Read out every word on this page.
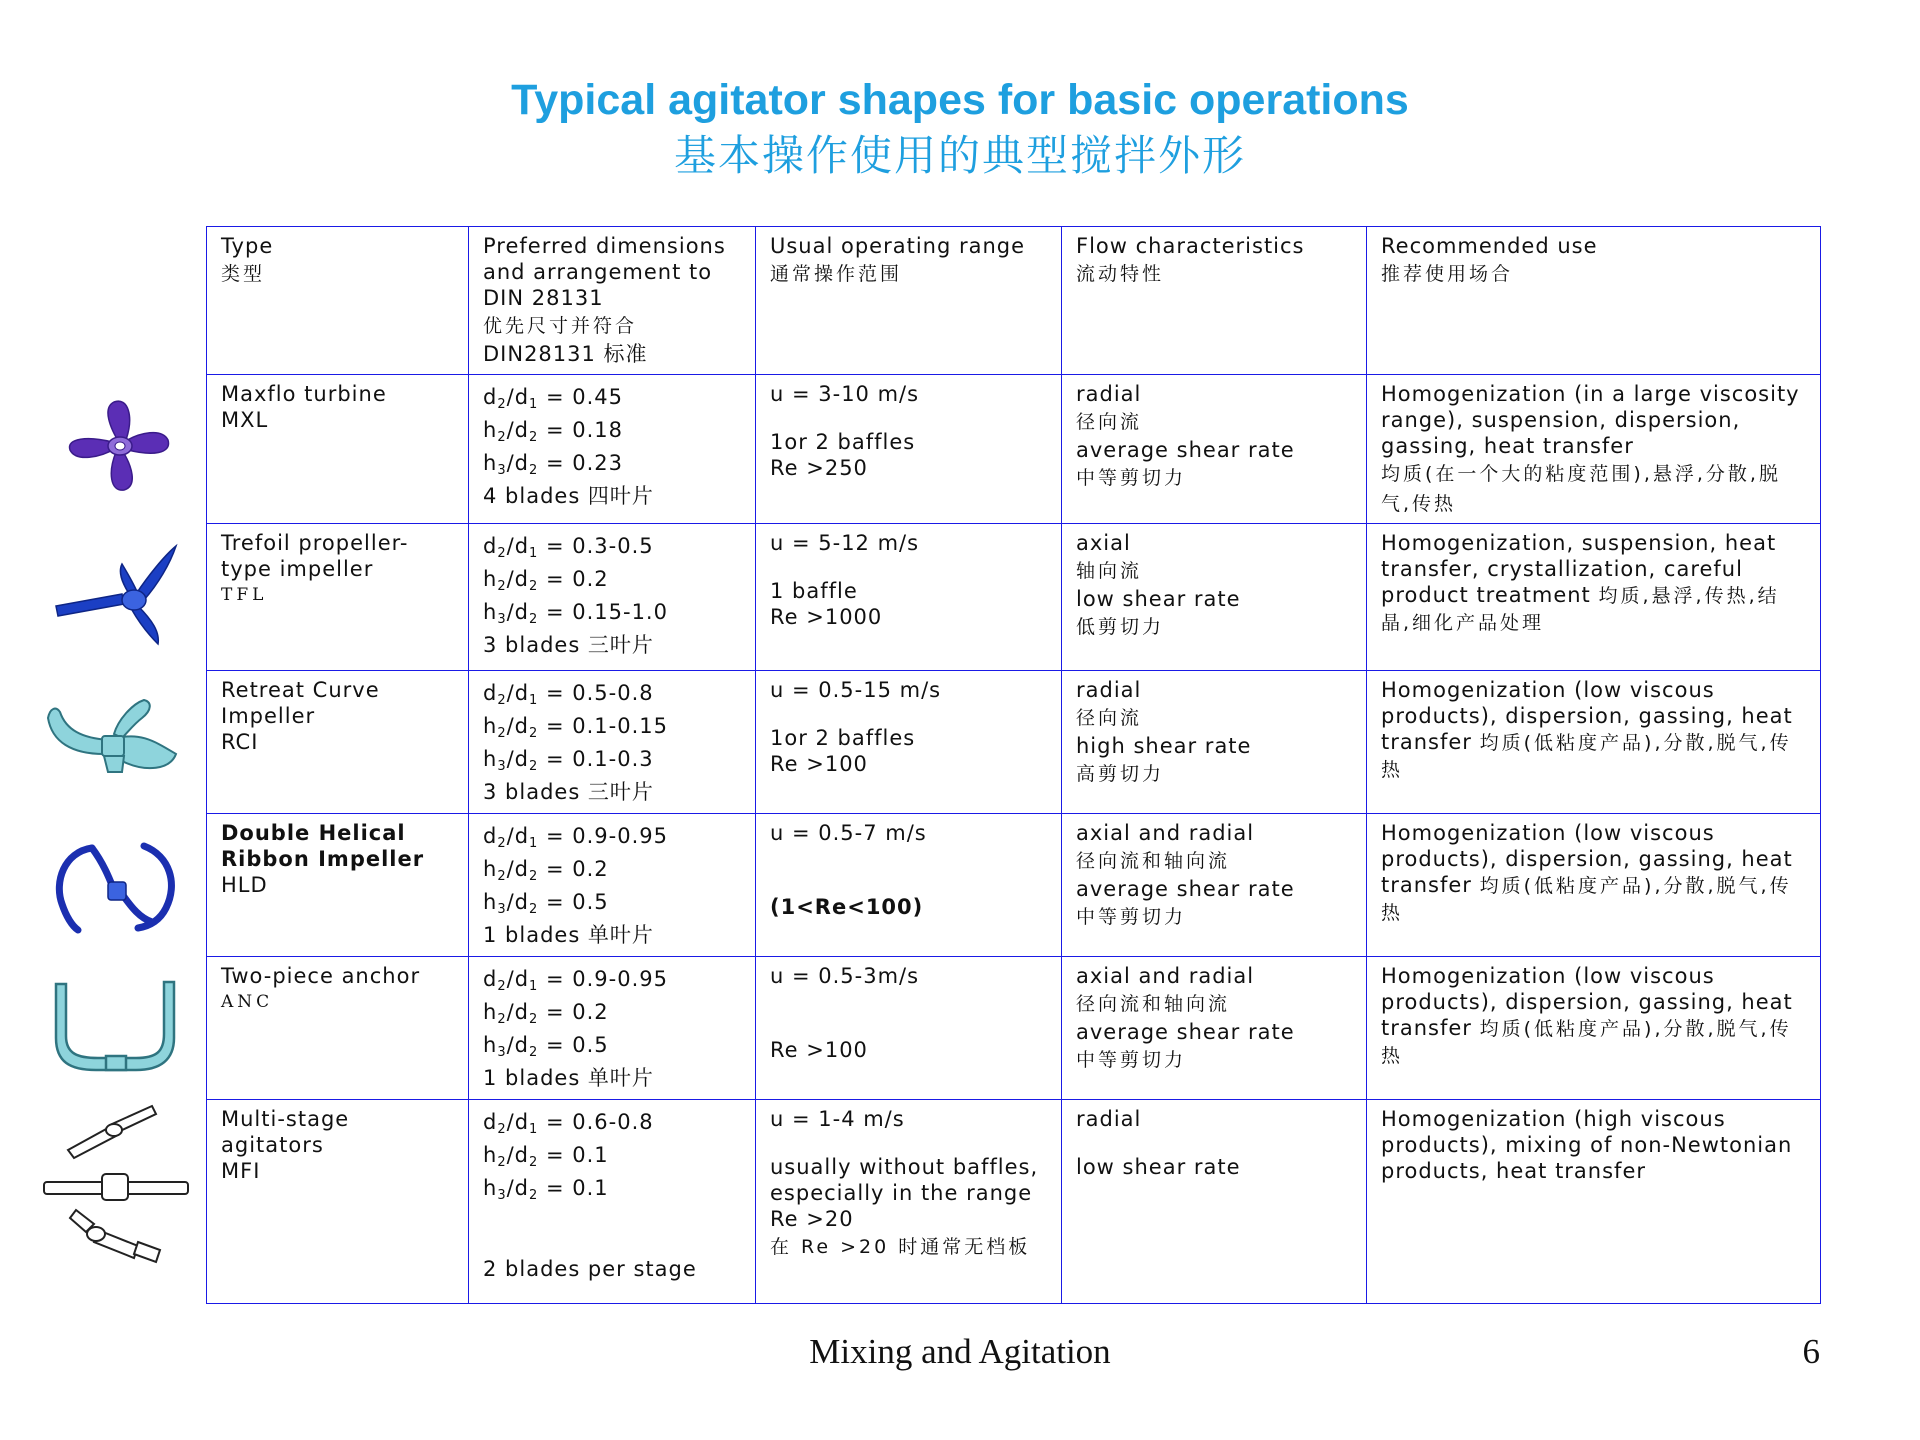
Typical agitator shapes for basic operations
基本操作使用的典型搅拌外形
Type
类型	Preferred dimensions and arrangement to DIN 28131
优先尺寸并符合
DIN28131 标准	Usual operating range
通常操作范围	Flow characteristics
流动特性	Recommended use
推荐使用场合

Maxflo turbine
MXL	$d_2/d_1 = 0.45$
$h_2/d_2 = 0.18$
$h_3/d_2 = 0.23$
4 blades 四叶片	u = 3-10 m/s
1or 2 baffles
Re >250	radial
径向流
average shear rate
中等剪切力	Homogenization (in a large viscosity range), suspension, dispersion, gassing, heat transfer
均质(在一个大的粘度范围),悬浮,分散,脱气,传热

Trefoil propeller-type impeller
TFL	$d_2/d_1 = 0.3-0.5$
$h_2/d_2 = 0.2$
$h_3/d_2 = 0.15-1.0$
3 blades 三叶片	u = 5-12 m/s
1 baffle
Re >1000	axial
轴向流
low shear rate
低剪切力	Homogenization, suspension, heat transfer, crystallization, careful product treatment 均质,悬浮,传热,结晶,细化产品处理

Retreat Curve Impeller
RCI	$d_2/d_1 = 0.5-0.8$
$h_2/d_2 = 0.1-0.15$
$h_3/d_2 = 0.1-0.3$
3 blades 三叶片	u = 0.5-15 m/s
1or 2 baffles
Re >100	radial
径向流
high shear rate
高剪切力	Homogenization (low viscous products), dispersion, gassing, heat transfer 均质(低粘度产品),分散,脱气,传热

Double Helical Ribbon Impeller
HLD	$d_2/d_1 = 0.9-0.95$
$h_2/d_2 = 0.2$
$h_3/d_2 = 0.5$
1 blades 单叶片	u = 0.5-7 m/s
(1<Re<100)	axial and radial
径向流和轴向流
average shear rate
中等剪切力	Homogenization (low viscous products), dispersion, gassing, heat transfer 均质(低粘度产品),分散,脱气,传热

Two-piece anchor
ANC	$d_2/d_1 = 0.9-0.95$
$h_2/d_2 = 0.2$
$h_3/d_2 = 0.5$
1 blades 单叶片	u = 0.5-3m/s
Re >100	axial and radial
径向流和轴向流
average shear rate
中等剪切力	Homogenization (low viscous products), dispersion, gassing, heat transfer 均质(低粘度产品),分散,脱气,传热

Multi-stage agitators
MFI	$d_2/d_1 = 0.6-0.8$
$h_2/d_2 = 0.1$
$h_3/d_2 = 0.1$
2 blades per stage	u = 1-4 m/s
usually without baffles, especially in the range Re >20
在 Re >20 时通常无档板	radial
low shear rate	Homogenization (high viscous products), mixing of non-Newtonian products, heat transfer
Mixing and Agitation	6
